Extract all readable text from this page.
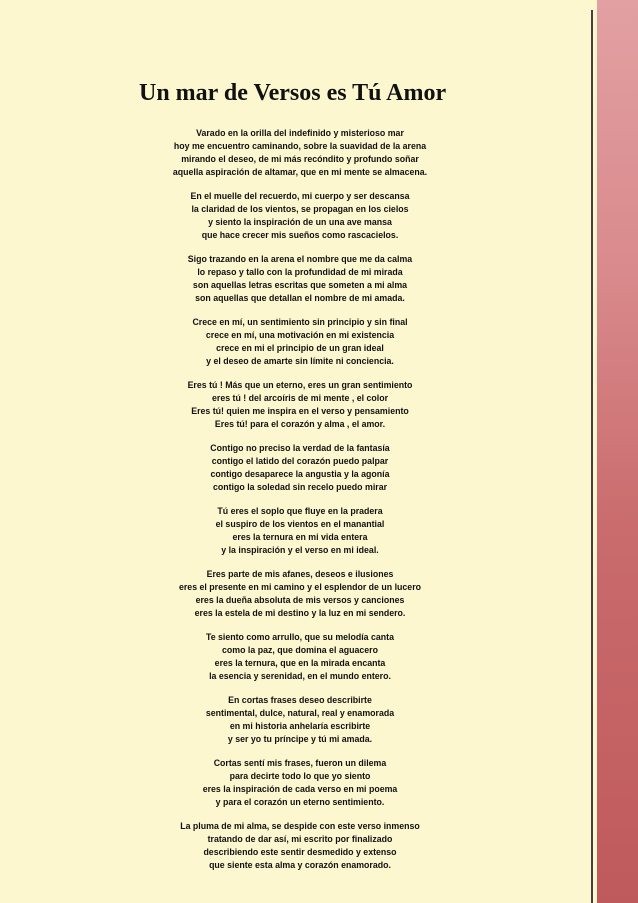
Un mar de Versos es Tú Amor
Varado en la orilla del indefinido y misterioso mar
hoy me encuentro caminando, sobre la suavidad de la arena
mirando el deseo, de mi más recóndito y profundo soñar
aquella aspiración de altamar, que en mi mente se almacena.
En el muelle del recuerdo, mi cuerpo y ser descansa
la claridad de los vientos, se propagan en los cielos
y siento la inspiración de un una ave mansa
que hace crecer mis sueños como rascacielos.
Sigo trazando en la arena el nombre que me da calma
lo repaso y tallo con la profundidad de mi mirada
son aquellas letras escritas que someten a mi alma
son aquellas que detallan el nombre de mi amada.
Crece en mí, un sentimiento sin principio y sin final
crece en mí, una motivación en mi existencia
crece en mi el principio de un gran ideal
y el deseo de amarte sin límite ni conciencia.
Eres tú ! Más que un eterno, eres un gran sentimiento
eres tú ! del arcoíris de mi mente , el color
Eres tú! quien me inspira en el verso y pensamiento
Eres tú! para el corazón y alma , el amor.
Contigo no preciso la verdad de la fantasía
contigo el latido del corazón puedo palpar
contigo desaparece la angustia y la agonía
contigo la soledad sin recelo puedo mirar
Tú eres el soplo que fluye en la pradera
el suspiro de los vientos en el manantial
eres la ternura en mi vida entera
y la inspiración y el verso en mi ideal.
Eres parte de mis afanes, deseos e ilusiones
eres el presente en mi camino y el esplendor de un lucero
eres la dueña absoluta de mis versos y canciones
eres la estela de mi destino y la luz en mi sendero.
Te siento como arrullo, que su melodía canta
como la paz, que domina el aguacero
eres la ternura, que en la mirada encanta
la esencia y serenidad, en el mundo entero.
En cortas frases deseo describirte
sentimental, dulce, natural, real y enamorada
en mi historia anhelaría escribirte
y ser yo tu príncipe y tú mi amada.
Cortas sentí mis frases, fueron un dilema
para decirte todo lo que yo siento
eres la inspiración de cada verso en mi poema
y para el corazón un eterno sentimiento.
La pluma de mi alma, se despide con este verso inmenso
tratando de dar así, mi escrito por finalizado
describiendo este sentir desmedido y extenso
que siente esta alma y corazón enamorado.
